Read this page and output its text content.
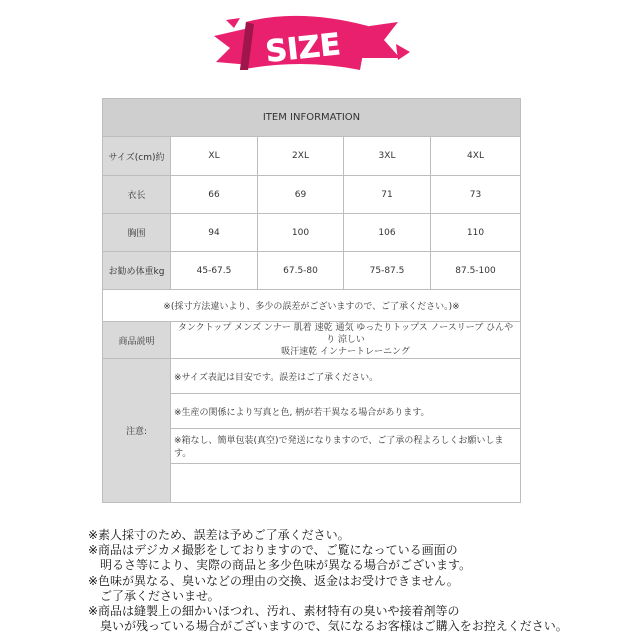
SIZE
ITEM INFORMATION				
サイズ(cm)約	XL	2XL	3XL	4XL
衣长	66	69	71	73
胸围	94	100	106	110
お勧め体重kg	45-67.5	67.5-80	75-87.5	87.5-100
※(採寸方法違いより、多少の誤差がございますので、ご了承ください。)※				
商品説明	タンクトップ メンズ ンナー 肌着 速乾 通気 ゆったりトップス ノースリーブ ひんやり 涼しい
吸汗速乾 インナートレーニング			

注意:	※サイズ表記は目安です。誤差はご了承ください。			
	※生産の関係により写真と色, 柄が若干異なる場合があります。			
	※箱なし、簡単包装(真空)で発送になりますので、ご了承の程よろしくお願いします。			

※素人採寸のため、誤差は予めご了承ください。
※商品はデジカメ撮影をしておりますので、ご覧になっている画面の
　明るさ等により、実際の商品と多少色味が異なる場合がございます。
※色味が異なる、臭いなどの理由の交換、返金はお受けできません。
　ご了承くださいませ。
※商品は縫製上の細かいほつれ、汚れ、素材特有の臭いや接着剤等の
　臭いが残っている場合がございますので、気になるお客様はご購入をお控えください。
